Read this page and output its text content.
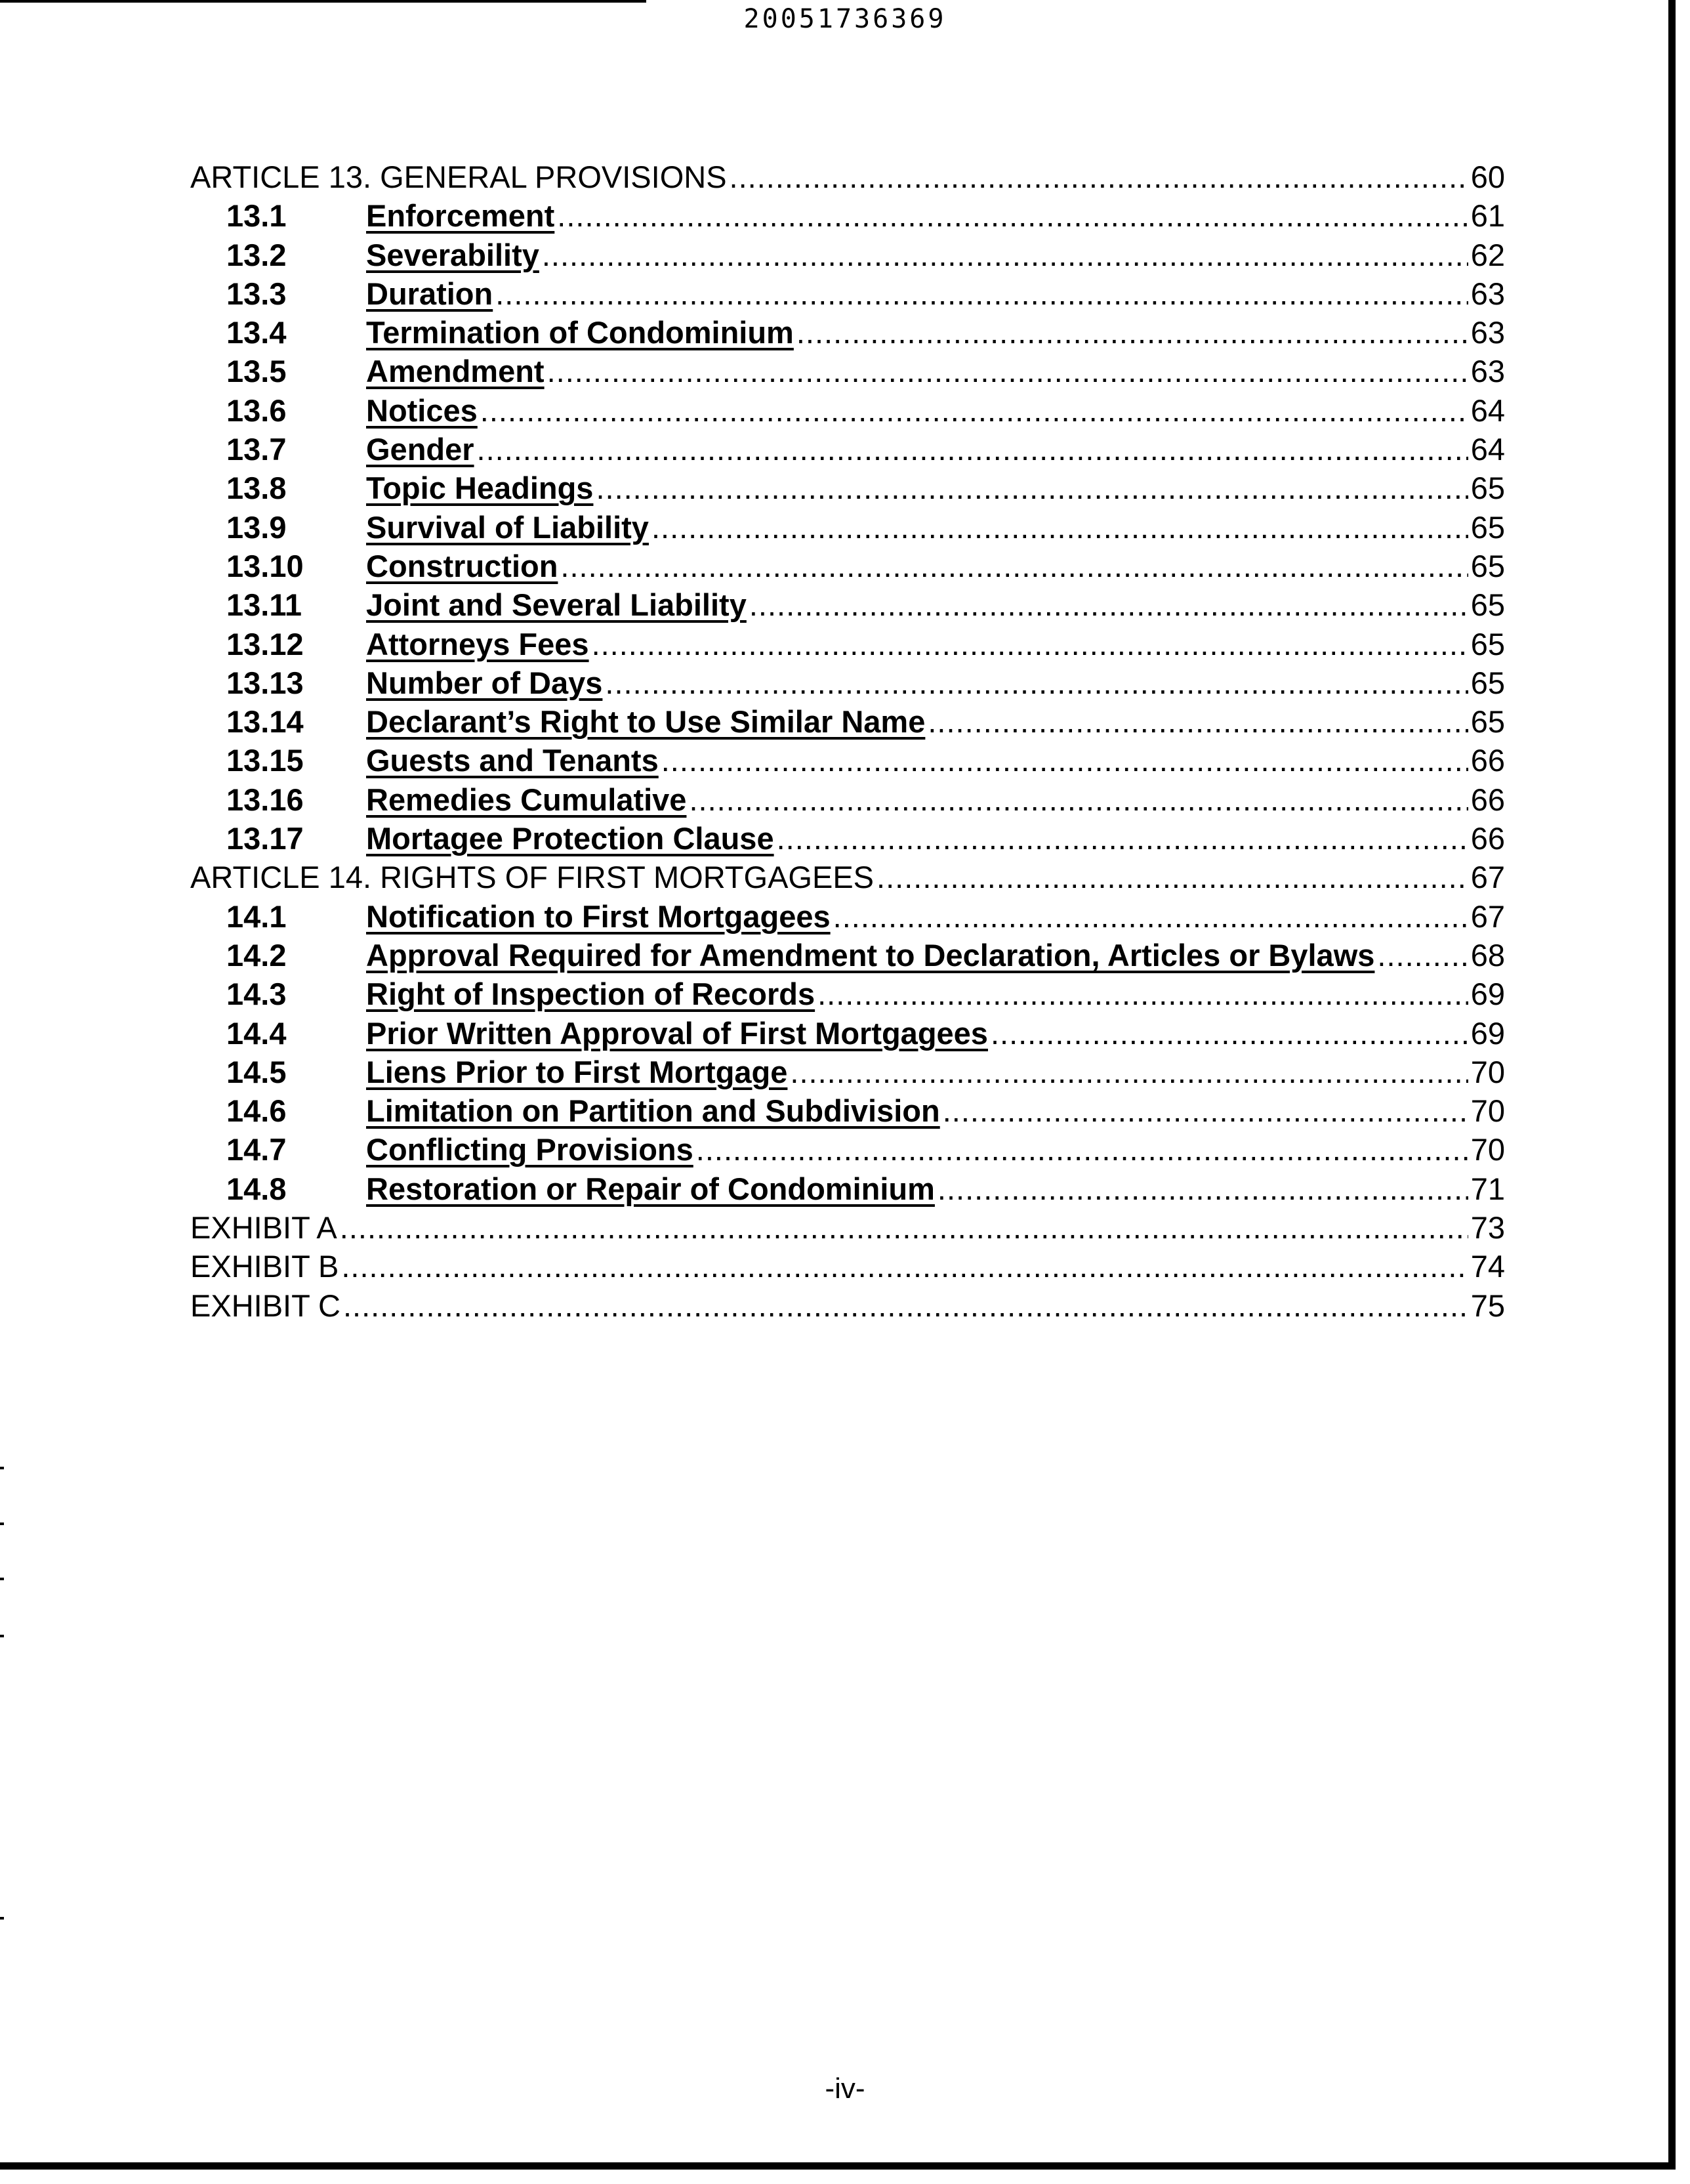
20051736369
ARTICLE 13. GENERAL PROVISIONS .....	60
13.1	Enforcement .....	61
13.2	Severability .....	62
13.3	Duration .....	63
13.4	Termination of Condominium .....	63
13.5	Amendment .....	63
13.6	Notices .....	64
13.7	Gender .....	64
13.8	Topic Headings .....	65
13.9	Survival of Liability .....	65
13.10	Construction .....	65
13.11	Joint and Several Liability .....	65
13.12	Attorneys Fees .....	65
13.13	Number of Days .....	65
13.14	Declarant’s Right to Use Similar Name .....	65
13.15	Guests and Tenants .....	66
13.16	Remedies Cumulative .....	66
13.17	Mortagee Protection Clause .....	66
ARTICLE 14. RIGHTS OF FIRST MORTGAGEES .....	67
14.1	Notification to First Mortgagees .....	67
14.2	Approval Required for Amendment to Declaration, Articles or Bylaws .....	68
14.3	Right of Inspection of Records .....	69
14.4	Prior Written Approval of First Mortgagees .....	69
14.5	Liens Prior to First Mortgage .....	70
14.6	Limitation on Partition and Subdivision .....	70
14.7	Conflicting Provisions .....	70
14.8	Restoration or Repair of Condominium .....	71
EXHIBIT A .....	73
EXHIBIT B .....	74
EXHIBIT C .....	75
-iv-
